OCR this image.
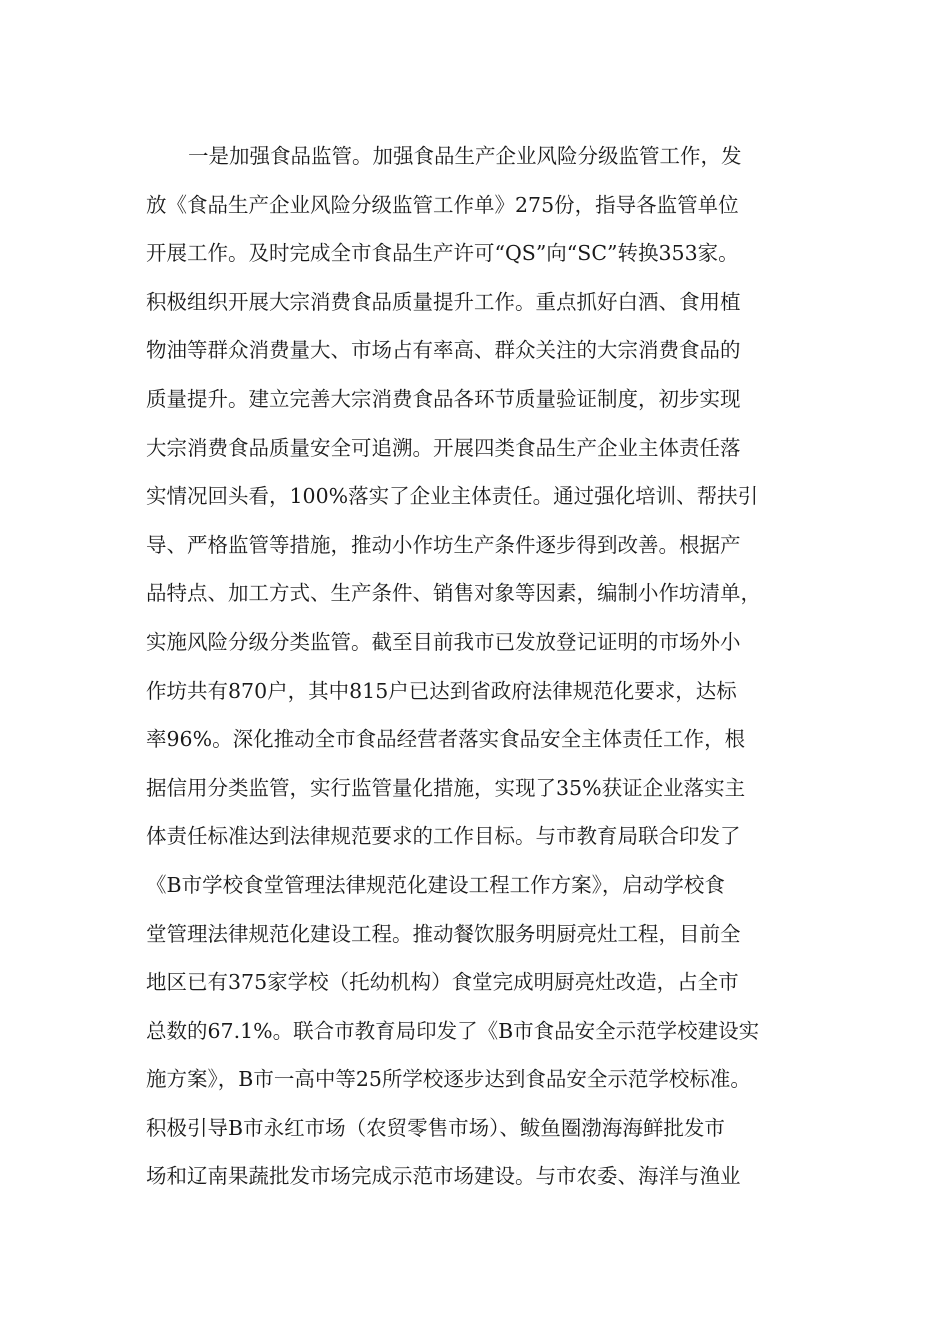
一是加强食品监管。加强食品生产企业风险分级监管工作，发
放《食品生产企业风险分级监管工作单》275份，指导各监管单位
开展工作。及时完成全市食品生产许可“QS”向“SC”转换353家。
积极组织开展大宗消费食品质量提升工作。重点抓好白酒、食用植
物油等群众消费量大、市场占有率高、群众关注的大宗消费食品的
质量提升。建立完善大宗消费食品各环节质量验证制度，初步实现
大宗消费食品质量安全可追溯。开展四类食品生产企业主体责任落
实情况回头看，100%落实了企业主体责任。通过强化培训、帮扶引
导、严格监管等措施，推动小作坊生产条件逐步得到改善。根据产
品特点、加工方式、生产条件、销售对象等因素，编制小作坊清单，
实施风险分级分类监管。截至目前我市已发放登记证明的市场外小
作坊共有870户，其中815户已达到省政府法律规范化要求，达标
率96%。深化推动全市食品经营者落实食品安全主体责任工作，根
据信用分类监管，实行监管量化措施，实现了35%获证企业落实主
体责任标准达到法律规范要求的工作目标。与市教育局联合印发了
《B市学校食堂管理法律规范化建设工程工作方案》，启动学校食
堂管理法律规范化建设工程。推动餐饮服务明厨亮灶工程，目前全
地区已有375家学校（托幼机构）食堂完成明厨亮灶改造，占全市
总数的67.1%。联合市教育局印发了《B市食品安全示范学校建设实
施方案》，B市一高中等25所学校逐步达到食品安全示范学校标准。
积极引导B市永红市场（农贸零售市场）、鲅鱼圈渤海海鲜批发市
场和辽南果蔬批发市场完成示范市场建设。与市农委、海洋与渔业
